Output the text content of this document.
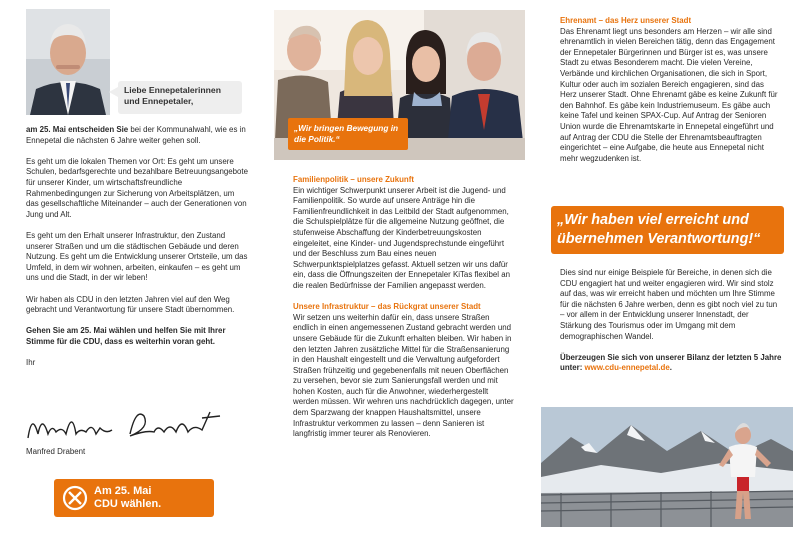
Liebe Ennepetalerinnen und Ennepetaler,

am 25. Mai entscheiden Sie bei der Kommunalwahl, wie es in Ennepetal die nächsten 6 Jahre weiter gehen soll.

Es geht um die lokalen Themen vor Ort: Es geht um unsere Schulen, bedarfsgerechte und bezahlbare Betreuungsangebote für unserer Kinder, um wirtschaftsfreundliche Rahmenbedingungen zur Sicherung von Arbeitsplätzen, um das gesellschaftliche Miteinander – auch der Generationen von Jung und Alt.

Es geht um den Erhalt unserer Infrastruktur, den Zustand unserer Straßen und um die städtischen Gebäude und deren Nutzung. Es geht um die Entwicklung unserer Ortsteile, um das Umfeld, in dem wir wohnen, arbeiten, einkaufen – es geht um uns und die Stadt, in der wir leben!

Wir haben als CDU in den letzten Jahren viel auf den Weg gebracht und Verantwortung für unsere Stadt übernommen.

Gehen Sie am 25. Mai wählen und helfen Sie mit Ihrer Stimme für die CDU, dass es weiterhin voran geht.

Ihr

Manfred Drabent
Am 25. Mai
CDU wählen.
„Wir bringen Bewegung in die Politik.“
Familienpolitik – unsere Zukunft

Ein wichtiger Schwerpunkt unserer Arbeit ist die Jugend- und Familienpolitik. So wurde auf unsere Anträge hin die Familienfreundlichkeit in das Leitbild der Stadt aufgenommen, die Schulspielplätze für die allgemeine Nutzung geöffnet, die stufenweise Abschaffung der Kinderbetreuungskosten eingeleitet, eine Kinder- und Jugendsprechstunde eingeführt und der Beschluss zum Bau eines neuen Schwerpunktspielplatzes gefasst. Aktuell setzen wir uns dafür ein, dass die Öffnungszeiten der Ennepetaler KiTas flexibel an die realen Bedürfnisse der Familien angepasst werden.

Unsere Infrastruktur – das Rückgrat unserer Stadt

Wir setzen uns weiterhin dafür ein, dass unsere Straßen endlich in einen angemessenen Zustand gebracht werden und unsere Gebäude für die Zukunft erhalten bleiben. Wir haben in den letzten Jahren zusätzliche Mittel für die Straßensanierung in den Haushalt eingestellt und die Verwaltung aufgefordert Straßen frühzeitig und gegebenenfalls mit neuen Oberflächen zu versehen, bevor sie zum Sanierungsfall werden und mit hohen Kosten, auch für die Anwohner, wiederhergestellt werden müssen. Wir wehren uns nachdrücklich dagegen, unter dem Sparzwang der knappen Haushaltsmittel, unsere Infrastruktur verkommen zu lassen – denn Sanieren ist langfristig immer teurer als Renovieren.

Ehrenamt – das Herz unserer Stadt

Das Ehrenamt liegt uns besonders am Herzen – wir alle sind ehrenamtlich in vielen Bereichen tätig, denn das Engagement der Ennepetaler Bürgerinnen und Bürger ist es, was unsere Stadt zu etwas Besonderem macht. Die vielen Vereine, Verbände und kirchlichen Organisationen, die sich in Sport, Kultur oder auch im sozialen Bereich engagieren, sind das Herz unserer Stadt. Ohne Ehrenamt gäbe es keine Zukunft für den Bahnhof. Es gäbe kein Industriemuseum. Es gäbe auch keine Tafel und keinen SPAX-Cup. Auf Antrag der Senioren Union wurde die Ehrenamtskarte in Ennepetal eingeführt und auf Antrag der CDU die Stelle der Ehrenamtsbeauftragten eingerichtet – eine Aufgabe, die heute aus Ennepetal nicht mehr wegzudenken ist.

„Wir haben viel erreicht und übernehmen Verantwortung!“

Dies sind nur einige Beispiele für Bereiche, in denen sich die CDU engagiert hat und weiter engagieren wird. Wir sind stolz auf das, was wir erreicht haben und möchten um Ihre Stimme für die nächsten 6 Jahre werben, denn es gibt noch viel zu tun – vor allem in der Entwicklung unserer Innenstadt, der Stärkung des Tourismus oder im Umgang mit dem demographischen Wandel.

Überzeugen Sie sich von unserer Bilanz der letzten 5 Jahre unter: www.cdu-ennepetal.de.
